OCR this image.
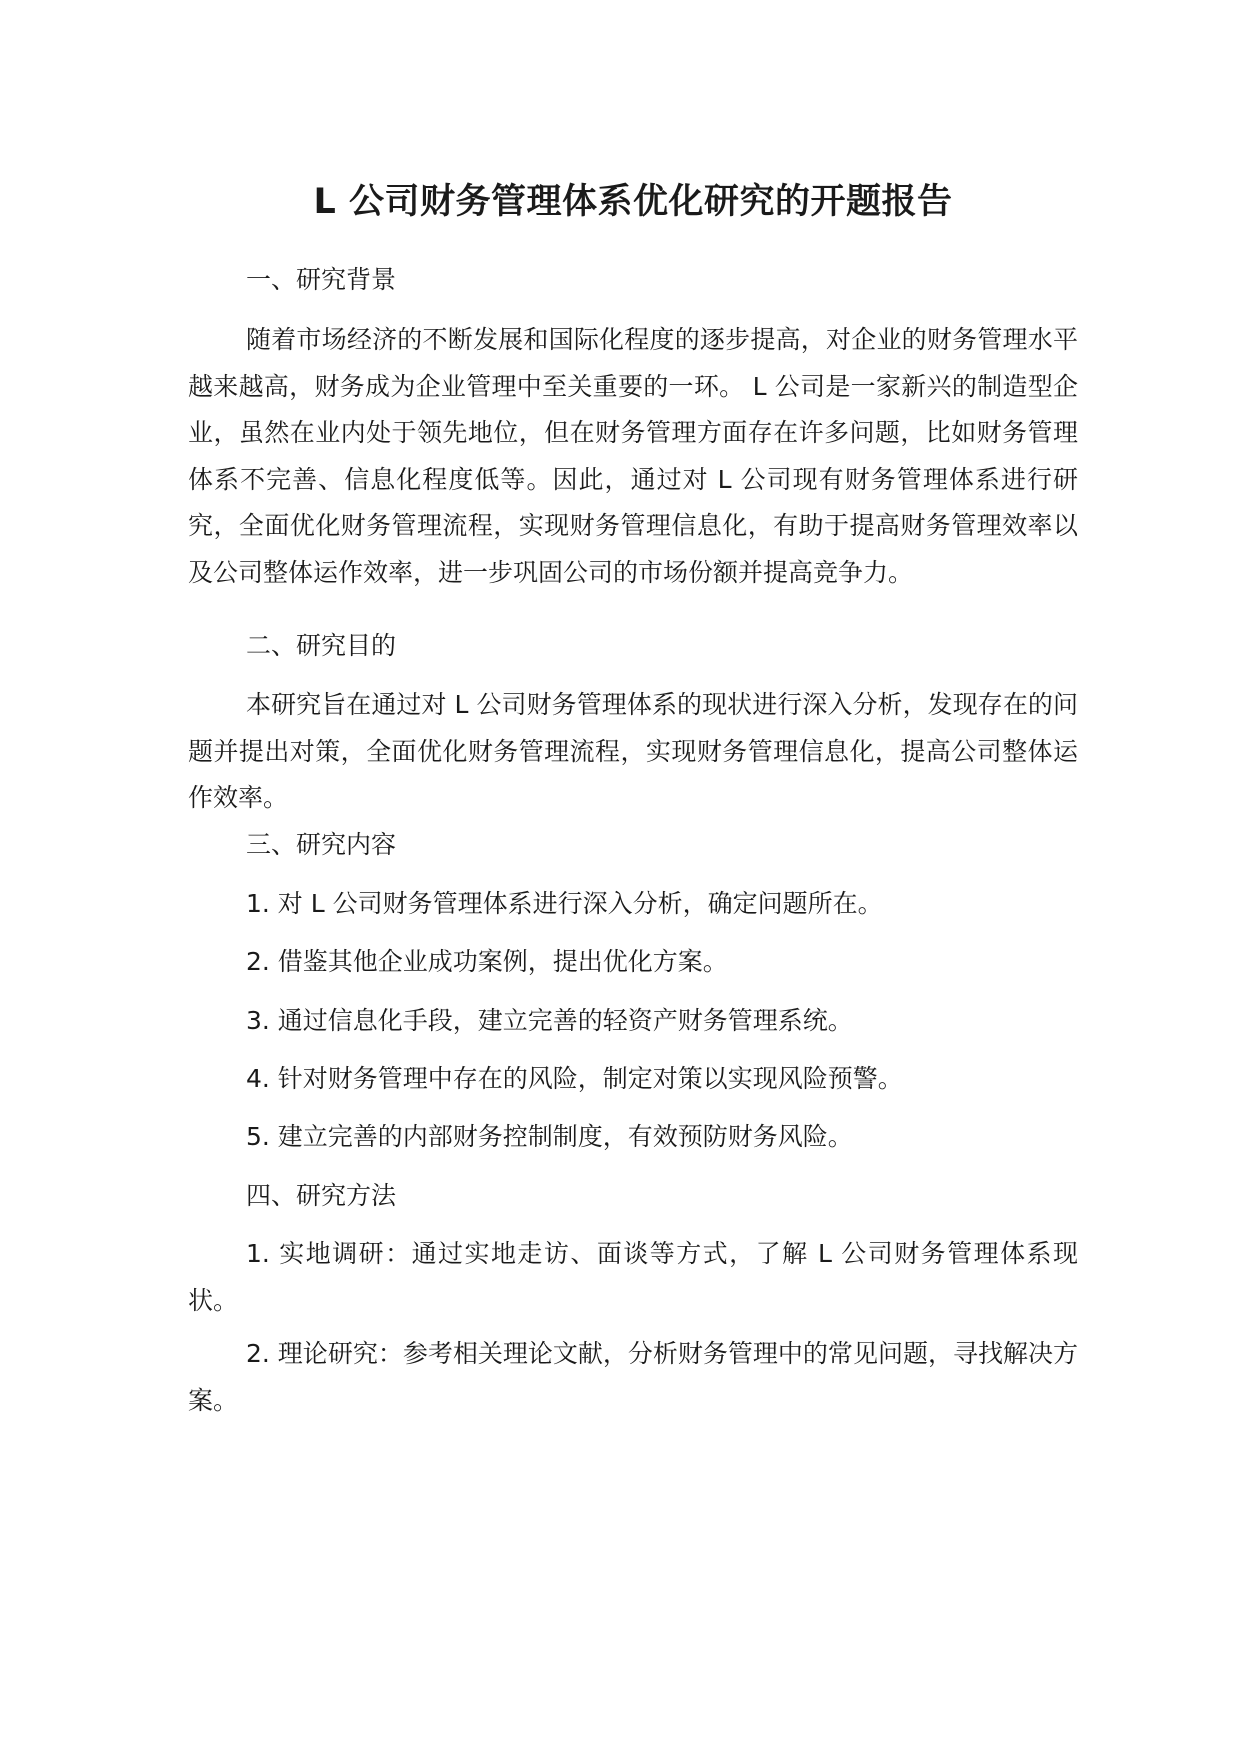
L 公司财务管理体系优化研究的开题报告
一、研究背景

随着市场经济的不断发展和国际化程度的逐步提高，对企业的财务管理水平越来越高，财务成为企业管理中至关重要的一环。 L 公司是一家新兴的制造型企业，虽然在业内处于领先地位，但在财务管理方面存在许多问题，比如财务管理体系不完善、信息化程度低等。因此，通过对 L 公司现有财务管理体系进行研究，全面优化财务管理流程，实现财务管理信息化，有助于提高财务管理效率以及公司整体运作效率，进一步巩固公司的市场份额并提高竞争力。

二、研究目的

本研究旨在通过对 L 公司财务管理体系的现状进行深入分析，发现存在的问题并提出对策，全面优化财务管理流程，实现财务管理信息化，提高公司整体运作效率。

三、研究内容

1. 对 L 公司财务管理体系进行深入分析，确定问题所在。

2. 借鉴其他企业成功案例，提出优化方案。

3. 通过信息化手段，建立完善的轻资产财务管理系统。

4. 针对财务管理中存在的风险，制定对策以实现风险预警。

5. 建立完善的内部财务控制制度，有效预防财务风险。

四、研究方法

1. 实地调研：通过实地走访、面谈等方式，了解 L 公司财务管理体系现状。

2. 理论研究：参考相关理论文献，分析财务管理中的常见问题，寻找解决方案。
